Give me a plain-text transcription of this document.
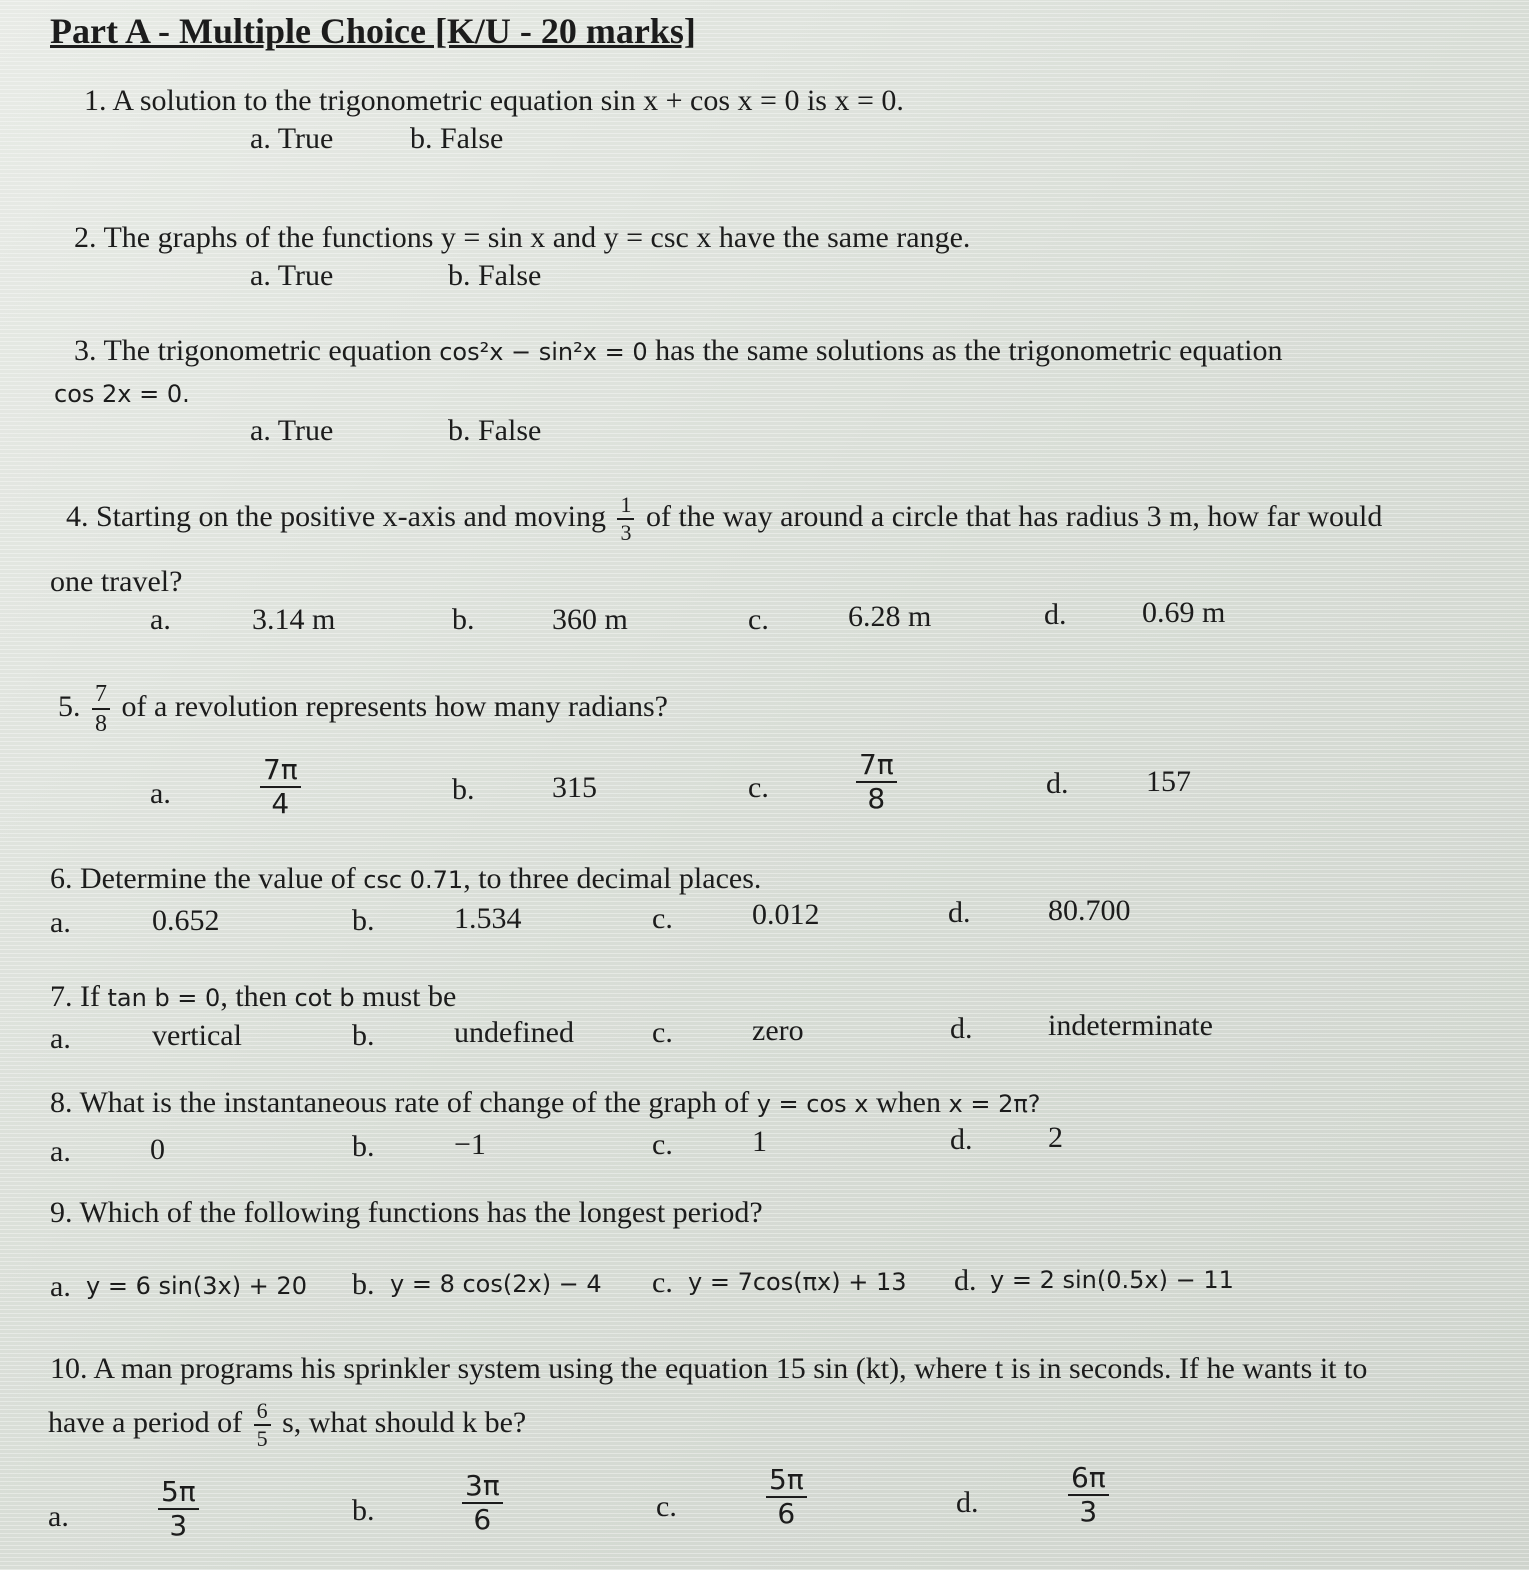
Part A - Multiple Choice [K/U - 20 marks]
1. A solution to the trigonometric equation sin x + cos x = 0 is x = 0.
a. True	b. False
2. The graphs of the functions y = sin x and y = csc x have the same range.
a. True	b. False
3. The trigonometric equation cos²x − sin²x = 0 has the same solutions as the trigonometric equation
cos 2x = 0.
a. True	b. False
4. Starting on the positive x-axis and moving $\frac{1}{3}$ of the way around a circle that has radius 3 m, how far would
one travel?
a.	3.14 m	b.	360 m	c.	6.28 m	d.	0.69 m
5. $\frac{7}{8}$ of a revolution represents how many radians?
a.	$\frac{7\pi}{4}$	b.	315	c.	$\frac{7\pi}{8}$	d.	157
6. Determine the value of csc 0.71, to three decimal places.
a.	0.652	b.	1.534	c.	0.012	d.	80.700
7. If tan b = 0, then cot b must be
a.	vertical	b.	undefined	c.	zero	d.	indeterminate
8. What is the instantaneous rate of change of the graph of y = cos x when x = 2π?
a.	0	b.	−1	c.	1	d.	2
9. Which of the following functions has the longest period?
a. y = 6 sin(3x) + 20 b. y = 8 cos(2x) − 4 c. y = 7cos(πx) + 13 d. y = 2 sin(0.5x) − 11
10. A man programs his sprinkler system using the equation 15 sin (kt), where t is in seconds. If he wants it to
have a period of $\frac{6}{5} s$, what should k be?
a.	$\frac{5\pi}{3}$	b.	$\frac{3\pi}{6}$	c.	$\frac{5\pi}{6}$	d.	$\frac{6\pi}{3}$
